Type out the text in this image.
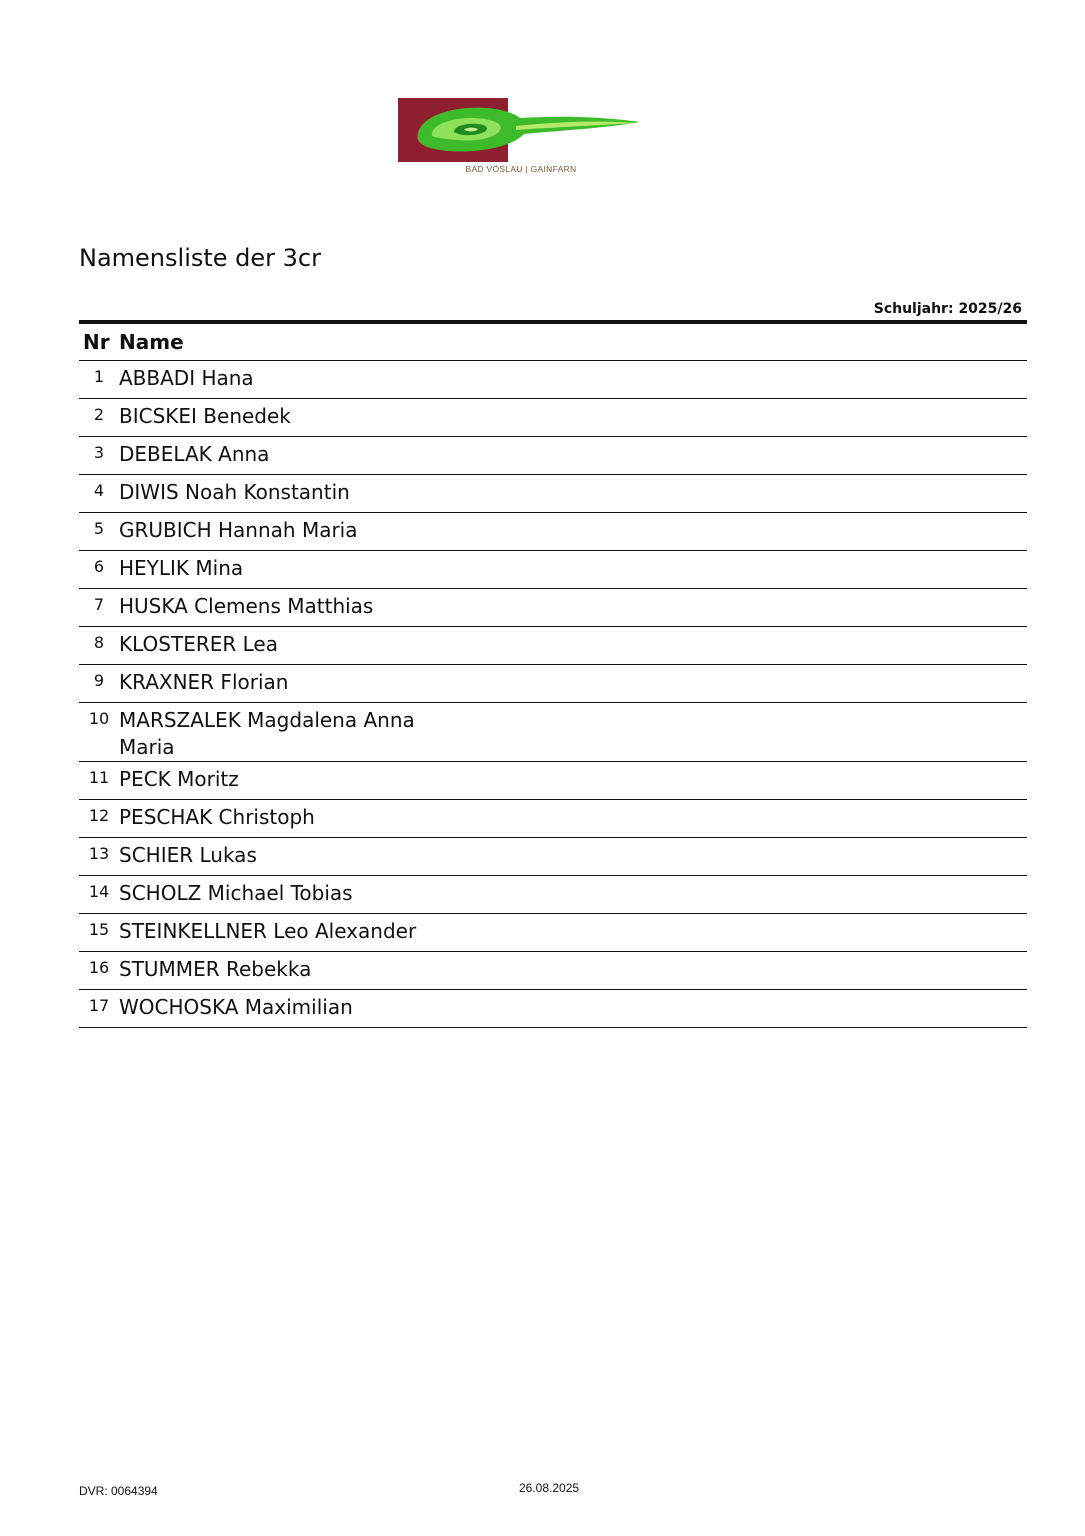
BAD VÖSLAU | GAINFARN
Namensliste der 3cr
Schuljahr: 2025/26
Nr	Name
1	ABBADI Hana

2	BICSKEI Benedek

3	DEBELAK Anna

4	DIWIS Noah Konstantin

5	GRUBICH Hannah Maria

6	HEYLIK Mina

7	HUSKA Clemens Matthias

8	KLOSTERER Lea

9	KRAXNER Florian

10	MARSZALEK Magdalena Anna Maria

11	PECK Moritz

12	PESCHAK Christoph

13	SCHIER Lukas

14	SCHOLZ Michael Tobias

15	STEINKELLNER Leo Alexander

16	STUMMER Rebekka

17	WOCHOSKA Maximilian
DVR: 0064394	26.08.2025
